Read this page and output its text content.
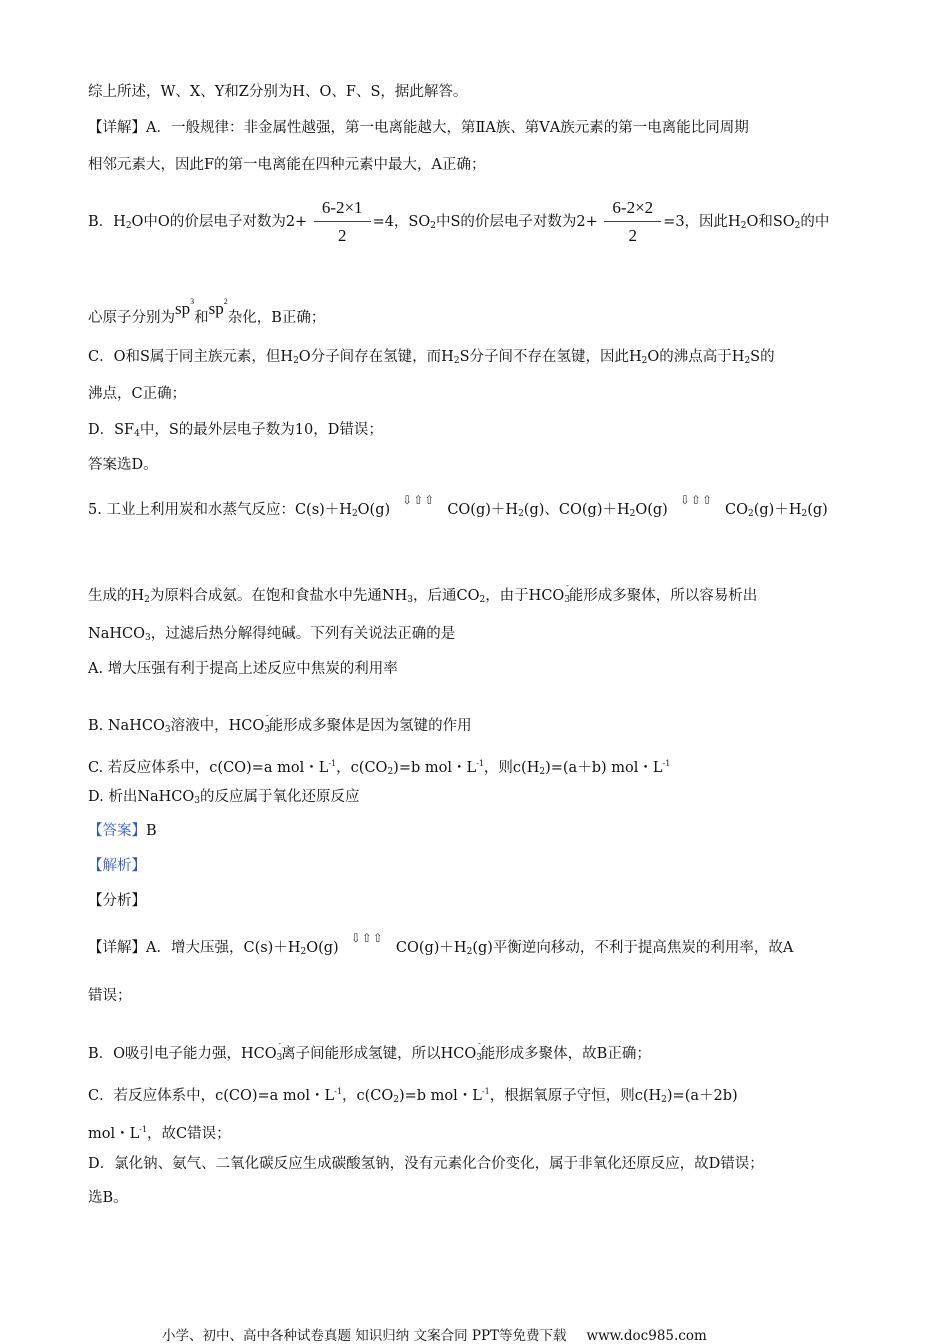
综上所述，W、X、Y和Z分别为H、O、F、S，据此解答。
【详解】A．一般规律：非金属性越强，第一电离能越大，第ⅡA族、第ⅤA族元素的第一电离能比同周期
相邻元素大，因此F的第一电离能在四种元素中最大，A正确；
B．$H_2O$中O的价层电子对数为$2+ \frac{6-2\times 1}{2} =4$，$SO_2$中S的价层电子对数为$2+ \frac{6-2\times 2}{2} =3$，因此$H_2O$和$SO_2$的中
心原子分别为$sp^3$和$sp^2$杂化，B正确；
C．O和S属于同主族元素，但$H_2O$分子间存在氢键，而$H_2S$分子间不存在氢键，因此$H_2O$的沸点高于$H_2S$的
沸点，C正确；
D．$SF_4$中，S的最外层电子数为10，D错误；
答案选D。
5. 工业上利用炭和水蒸气反应：$C(s)+H_2O(g)⇩⇧⇧CO(g)+H_2(g)$、$CO(g)+H_2O(g)⇩⇧⇧CO_2(g)+H_2(g)$
生成的$H_2$为原料合成氨。在饱和食盐水中先通$NH_3$，后通$CO_2$，由于$HCO_3^-$能形成多聚体，所以容易析出
NaHCO$_3$，过滤后热分解得纯碱。下列有关说法正确的是
A. 增大压强有利于提高上述反应中焦炭的利用率
B. NaHCO$_3$溶液中，$HCO_3^-$能形成多聚体是因为氢键的作用
C. 若反应体系中，c(CO)=a mol・$L^{-1}$，$c(CO_2)=b$ mol・$L^{-1}$，则$c(H_2)=(a+b)$ mol・$L^{-1}$
D. 析出NaHCO$_3$的反应属于氧化还原反应
【答案】B
【解析】
【分析】
【详解】A．增大压强，$C(s)+H_2O(g)⇩⇧⇧CO(g)+H_2(g)$平衡逆向移动，不利于提高焦炭的利用率，故A
错误；
B．O吸引电子能力强，$HCO_3^-$离子间能形成氢键，所以$HCO_3^-$能形成多聚体，故B正确；
C．若反应体系中，c(CO)=a mol・$L^{-1}$，$c(CO_2)=b$ mol・$L^{-1}$，根据氧原子守恒，则$c(H_2)=(a+2b)$
mol・$L^{-1}$，故C错误；
D．氯化钠、氨气、二氧化碳反应生成碳酸氢钠，没有元素化合价变化，属于非氧化还原反应，故D错误；
选B。
小学、初中、高中各种试卷真题 知识归纳 文案合同 PPT等免费下载 www.doc985.com
